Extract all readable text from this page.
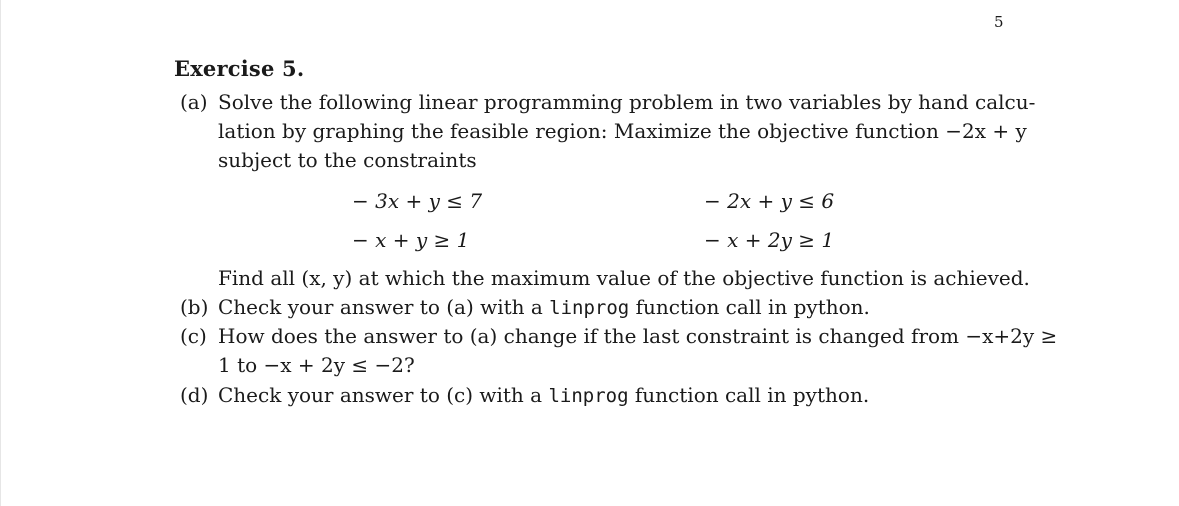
5
Exercise 5.
(a) Solve the following linear programming problem in two variables by hand calcu-
lation by graphing the feasible region: Maximize the objective function −2x + y
subject to the constraints
− 3x + y ≤ 7	− 2x + y ≤ 6
− x + y ≥ 1	− x + 2y ≥ 1
Find all (x, y) at which the maximum value of the objective function is achieved.
(b) Check your answer to (a) with a linprog function call in python.
(c) How does the answer to (a) change if the last constraint is changed from −x+2y ≥
1 to −x + 2y ≤ −2?
(d) Check your answer to (c) with a linprog function call in python.
